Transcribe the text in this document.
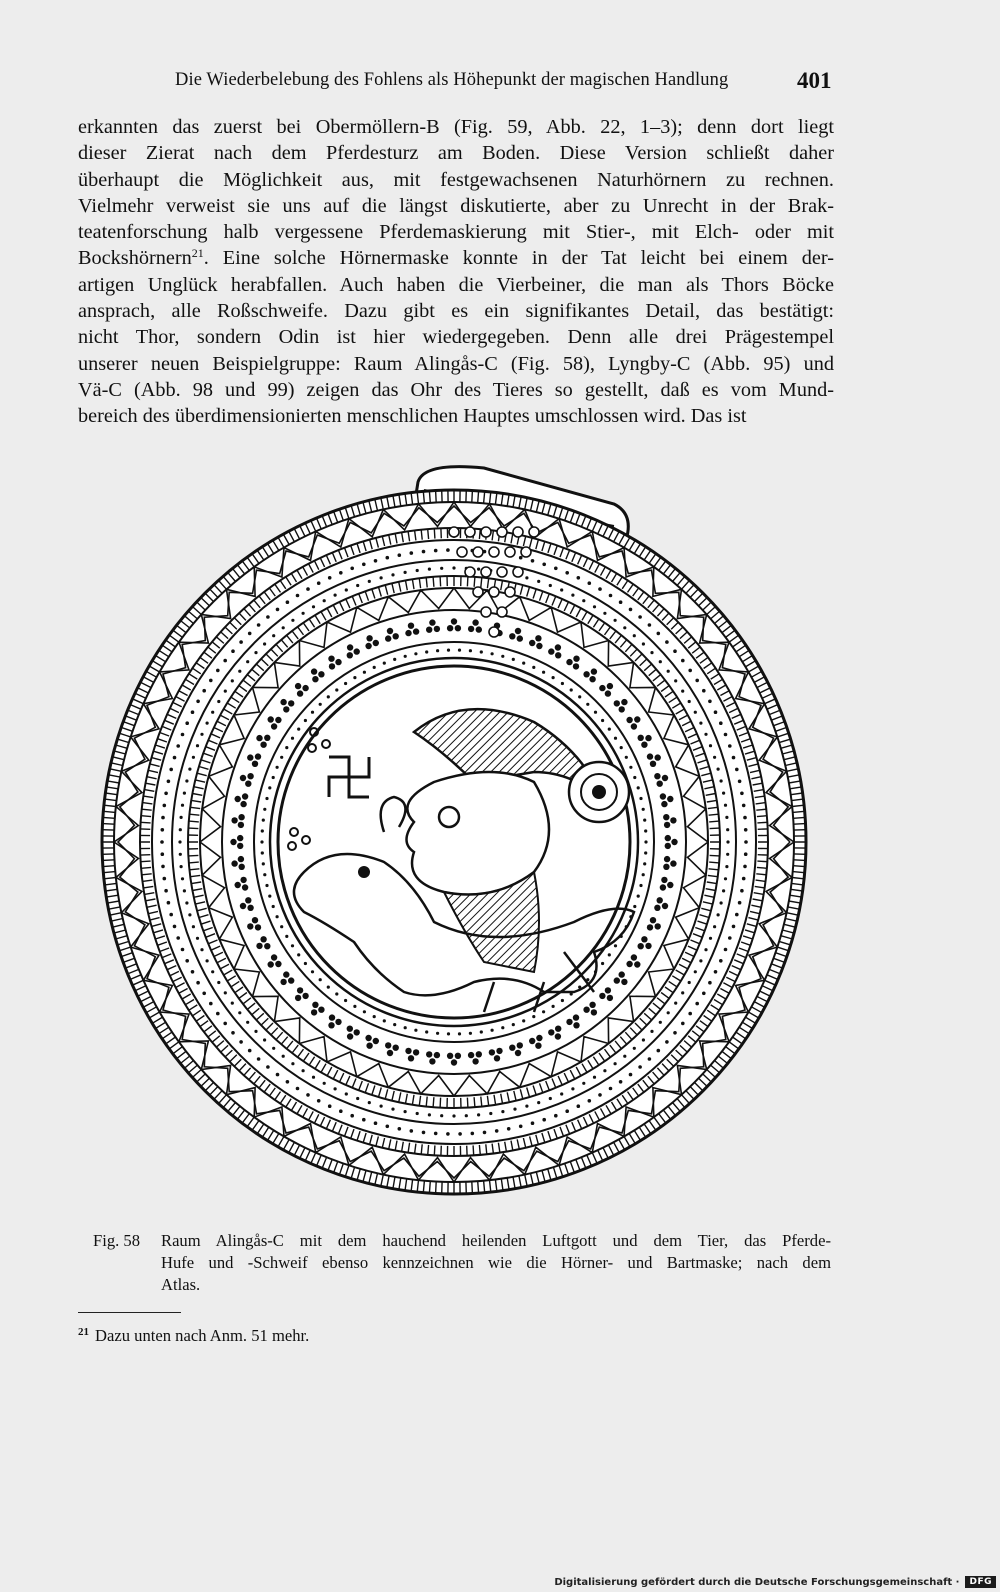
Die Wiederbelebung des Fohlens als Höhepunkt der magischen Handlung	401
erkannten das zuerst bei Obermöllern-B (Fig. 59, Abb. 22, 1–3); denn dort liegt
dieser Zierat nach dem Pferdesturz am Boden. Diese Version schließt daher
überhaupt die Möglichkeit aus, mit festgewachsenen Naturhörnern zu rechnen.
Vielmehr verweist sie uns auf die längst diskutierte, aber zu Unrecht in der Brak-
teatenforschung halb vergessene Pferdemaskierung mit Stier-, mit Elch- oder mit
Bockshörnern$^{21}$. Eine solche Hörnermaske konnte in der Tat leicht bei einem der-
artigen Unglück herabfallen. Auch haben die Vierbeiner, die man als Thors Böcke
ansprach, alle Roßschweife. Dazu gibt es ein signifikantes Detail, das bestätigt:
nicht Thor, sondern Odin ist hier wiedergegeben. Denn alle drei Prägestempel
unserer neuen Beispielgruppe: Raum Alingås-C (Fig. 58), Lyngby-C (Abb. 95) und
Vä-C (Abb. 98 und 99) zeigen das Ohr des Tieres so gestellt, daß es vom Mund-
bereich des überdimensionierten menschlichen Hauptes umschlossen wird. Das ist
Fig. 58 Raum Alingås-C mit dem hauchend heilenden Luftgott und dem Tier, das Pferde-
Hufe und -Schweif ebenso kennzeichnen wie die Hörner- und Bartmaske; nach dem
Atlas.
$^{21}$ Dazu unten nach Anm. 51 mehr.
Digitalisierung gefördert durch die Deutsche Forschungsgemeinschaft ·	DFG
